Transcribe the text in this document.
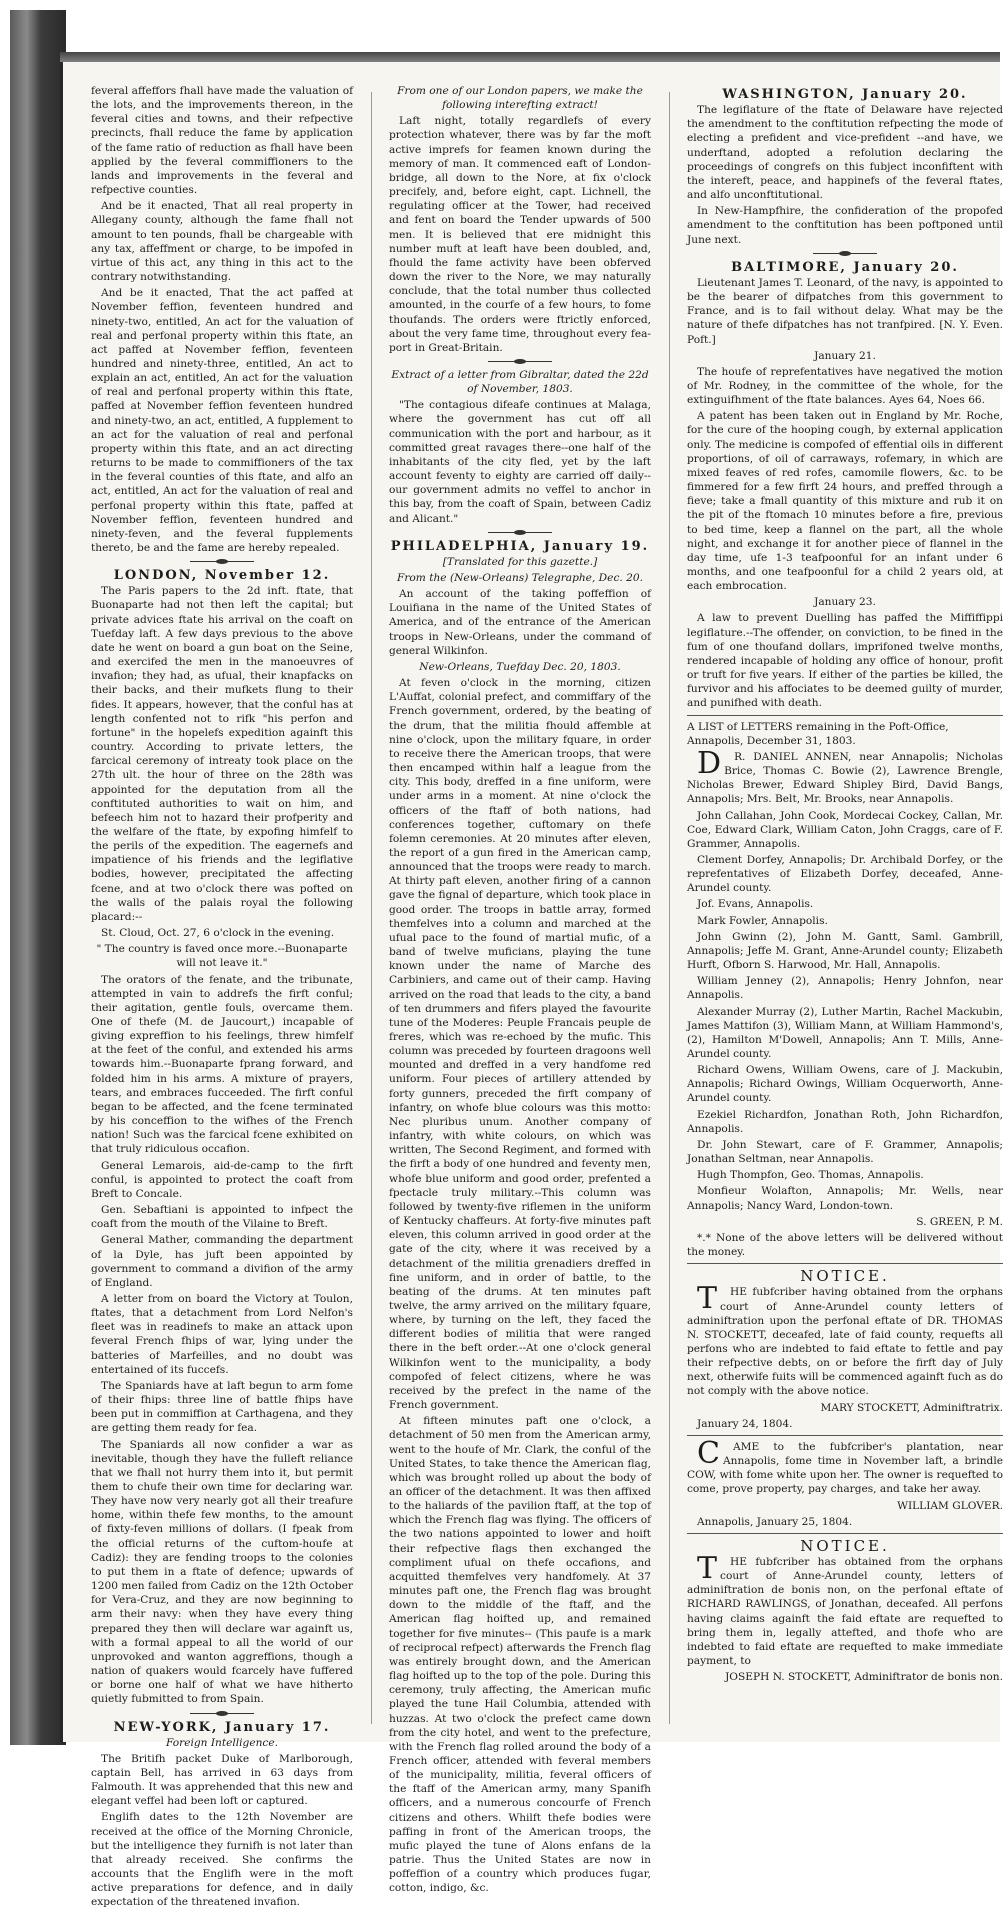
feveral affeffors fhall have made the valuation of the lots, and the improvements thereon, in the feveral cities and towns, and their refpective precincts, fhall reduce the fame by application of the fame ratio of reduction as fhall have been applied by the feveral commiffioners to the lands and improvements in the feveral and refpective counties.

And be it enacted, That all real property in Allegany county, although the fame fhall not amount to ten pounds, fhall be chargeable with any tax, affeffment or charge, to be impofed in virtue of this act, any thing in this act to the contrary notwithstanding.

And be it enacted, That the act paffed at November feffion, feventeen hundred and ninety-two, entitled, An act for the valuation of real and perfonal property within this ftate, an act paffed at November feffion, feventeen hundred and ninety-three, entitled, An act to explain an act, entitled, An act for the valuation of real and perfonal property within this ftate, paffed at November feffion feventeen hundred and ninety-two, an act, entitled, A fupplement to an act for the valuation of real and perfonal property within this ftate, and an act directing returns to be made to commiffioners of the tax in the feveral counties of this ftate, and alfo an act, entitled, An act for the valuation of real and perfonal property within this ftate, paffed at November feffion, feventeen hundred and ninety-feven, and the feveral fupplements thereto, be and the fame are hereby repealed.

LONDON, November 12.

The Paris papers to the 2d inft. ftate, that Buonaparte had not then left the capital; but private advices ftate his arrival on the coaft on Tuefday laft. A few days previous to the above date he went on board a gun boat on the Seine, and exercifed the men in the manoeuvres of invafion; they had, as ufual, their knapfacks on their backs, and their mufkets flung to their fides. It appears, however, that the conful has at length confented not to rifk "his perfon and fortune" in the hopelefs expedition againft this country. According to private letters, the farcical ceremony of intreaty took place on the 27th ult. the hour of three on the 28th was appointed for the deputation from all the conftituted authorities to wait on him, and befeech him not to hazard their profperity and the welfare of the ftate, by expofing himfelf to the perils of the expedition. The eagernefs and impatience of his friends and the legiflative bodies, however, precipitated the affecting fcene, and at two o'clock there was pofted on the walls of the palais royal the following placard:--

St. Cloud, Oct. 27, 6 o'clock in the evening.

" The country is faved once more.--Buonaparte will not leave it."

The orators of the fenate, and the tribunate, attempted in vain to addrefs the firft conful; their agitation, gentle fouls, overcame them. One of thefe (M. de Jaucourt,) incapable of giving expreffion to his feelings, threw himfelf at the feet of the conful, and extended his arms towards him.--Buonaparte fprang forward, and folded him in his arms. A mixture of prayers, tears, and embraces fucceeded. The firft conful began to be affected, and the fcene terminated by his conceffion to the wifhes of the French nation! Such was the farcical fcene exhibited on that truly ridiculous occafion.

General Lemarois, aid-de-camp to the firft conful, is appointed to protect the coaft from Breft to Concale.

Gen. Sebaftiani is appointed to infpect the coaft from the mouth of the Vilaine to Breft.

General Mather, commanding the department of la Dyle, has juft been appointed by government to command a divifion of the army of England.

A letter from on board the Victory at Toulon, ftates, that a detachment from Lord Nelfon's fleet was in readinefs to make an attack upon feveral French fhips of war, lying under the batteries of Marfeilles, and no doubt was entertained of its fuccefs.

The Spaniards have at laft begun to arm fome of their fhips: three line of battle fhips have been put in commiffion at Carthagena, and they are getting them ready for fea.

The Spaniards all now confider a war as inevitable, though they have the fulleft reliance that we fhall not hurry them into it, but permit them to chufe their own time for declaring war. They have now very nearly got all their treafure home, within thefe few months, to the amount of fixty-feven millions of dollars. (I fpeak from the official returns of the cuftom-houfe at Cadiz): they are fending troops to the colonies to put them in a ftate of defence; upwards of 1200 men failed from Cadiz on the 12th October for Vera-Cruz, and they are now beginning to arm their navy: when they have every thing prepared they then will declare war againft us, with a formal appeal to all the world of our unprovoked and wanton aggreffions, though a nation of quakers would fcarcely have fuffered or borne one half of what we have hitherto quietly fubmitted to from Spain.

NEW-YORK, January 17.

Foreign Intelligence.

The Britifh packet Duke of Marlborough, captain Bell, has arrived in 63 days from Falmouth. It was apprehended that this new and elegant veffel had been loft or captured.

Englifh dates to the 12th November are received at the office of the Morning Chronicle, but the intelligence they furnifh is not later than that already received. She confirms the accounts that the Englifh were in the moft active preparations for defence, and in daily expectation of the threatened invafion.

From one of our London papers, we make the following interefting extract!

Laft night, totally regardlefs of every protection whatever, there was by far the moft active imprefs for feamen known during the memory of man. It commenced eaft of London-bridge, all down to the Nore, at fix o'clock precifely, and, before eight, capt. Lichnell, the regulating officer at the Tower, had received and fent on board the Tender upwards of 500 men. It is believed that ere midnight this number muft at leaft have been doubled, and, fhould the fame activity have been obferved down the river to the Nore, we may naturally conclude, that the total number thus collected amounted, in the courfe of a few hours, to fome thoufands. The orders were ftrictly enforced, about the very fame time, throughout every fea-port in Great-Britain.

Extract of a letter from Gibraltar, dated the 22d of November, 1803.

"The contagious difeafe continues at Malaga, where the government has cut off all communication with the port and harbour, as it committed great ravages there--one half of the inhabitants of the city fled, yet by the laft account feventy to eighty are carried off daily--our government admits no veffel to anchor in this bay, from the coaft of Spain, between Cadiz and Alicant."

PHILADELPHIA, January 19.

[Translated for this gazette.]

From the (New-Orleans) Telegraphe, Dec. 20.

An account of the taking poffeffion of Louifiana in the name of the United States of America, and of the entrance of the American troops in New-Orleans, under the command of general Wilkinfon.

New-Orleans, Tuefday Dec. 20, 1803.

At feven o'clock in the morning, citizen L'Auffat, colonial prefect, and commiffary of the French government, ordered, by the beating of the drum, that the militia fhould affemble at nine o'clock, upon the military fquare, in order to receive there the American troops, that were then encamped within half a league from the city. This body, dreffed in a fine uniform, were under arms in a moment. At nine o'clock the officers of the ftaff of both nations, had conferences together, cuftomary on thefe folemn ceremonies. At 20 minutes after eleven, the report of a gun fired in the American camp, announced that the troops were ready to march. At thirty paft eleven, another firing of a cannon gave the fignal of departure, which took place in good order. The troops in battle array, formed themfelves into a column and marched at the ufual pace to the found of martial mufic, of a band of twelve muficians, playing the tune known under the name of Marche des Carbiniers, and came out of their camp. Having arrived on the road that leads to the city, a band of ten drummers and fifers played the favourite tune of the Moderes: Peuple Francais peuple de freres, which was re-echoed by the mufic. This column was preceded by fourteen dragoons well mounted and dreffed in a very handfome red uniform. Four pieces of artillery attended by forty gunners, preceded the firft company of infantry, on whofe blue colours was this motto: Nec pluribus unum. Another company of infantry, with white colours, on which was written, The Second Regiment, and formed with the firft a body of one hundred and feventy men, whofe blue uniform and good order, prefented a fpectacle truly military.--This column was followed by twenty-five riflemen in the uniform of Kentucky chaffeurs. At forty-five minutes paft eleven, this column arrived in good order at the gate of the city, where it was received by a detachment of the militia grenadiers dreffed in fine uniform, and in order of battle, to the beating of the drums. At ten minutes paft twelve, the army arrived on the military fquare, where, by turning on the left, they faced the different bodies of militia that were ranged there in the beft order.--At one o'clock general Wilkinfon went to the municipality, a body compofed of felect citizens, where he was received by the prefect in the name of the French government.

At fifteen minutes paft one o'clock, a detachment of 50 men from the American army, went to the houfe of Mr. Clark, the conful of the United States, to take thence the American flag, which was brought rolled up about the body of an officer of the detachment. It was then affixed to the haliards of the pavilion ftaff, at the top of which the French flag was flying. The officers of the two nations appointed to lower and hoift their refpective flags then exchanged the compliment ufual on thefe occafions, and acquitted themfelves very handfomely. At 37 minutes paft one, the French flag was brought down to the middle of the ftaff, and the American flag hoifted up, and remained together for five minutes-- (This paufe is a mark of reciprocal refpect) afterwards the French flag was entirely brought down, and the American flag hoifted up to the top of the pole. During this ceremony, truly affecting, the American mufic played the tune Hail Columbia, attended with huzzas. At two o'clock the prefect came down from the city hotel, and went to the prefecture, with the French flag rolled around the body of a French officer, attended with feveral members of the municipality, militia, feveral officers of the ftaff of the American army, many Spanifh officers, and a numerous concourfe of French citizens and others. Whilft thefe bodies were paffing in front of the American troops, the mufic played the tune of Alons enfans de la patrie. Thus the United States are now in poffeffion of a country which produces fugar, cotton, indigo, &c.

WASHINGTON, January 20.

The legiflature of the ftate of Delaware have rejected the amendment to the conftitution refpecting the mode of electing a prefident and vice-prefident --and have, we underftand, adopted a refolution declaring the proceedings of congrefs on this fubject inconfiftent with the intereft, peace, and happinefs of the feveral ftates, and alfo unconftitutional.

In New-Hampfhire, the confideration of the propofed amendment to the conftitution has been poftponed until June next.

BALTIMORE, January 20.

Lieutenant James T. Leonard, of the navy, is appointed to be the bearer of difpatches from this government to France, and is to fail without delay. What may be the nature of thefe difpatches has not tranfpired. [N. Y. Even. Poft.]

January 21.

The houfe of reprefentatives have negatived the motion of Mr. Rodney, in the committee of the whole, for the extinguifhment of the ftate balances. Ayes 64, Noes 66.

A patent has been taken out in England by Mr. Roche, for the cure of the hooping cough, by external application only. The medicine is compofed of effential oils in different proportions, of oil of carraways, rofemary, in which are mixed feaves of red rofes, camomile flowers, &c. to be fimmered for a few firft 24 hours, and preffed through a fieve; take a fmall quantity of this mixture and rub it on the pit of the ftomach 10 minutes before a fire, previous to bed time, keep a flannel on the part, all the whole night, and exchange it for another piece of flannel in the day time, ufe 1-3 teafpoonful for an infant under 6 months, and one teafpoonful for a child 2 years old, at each embrocation.

January 23.

A law to prevent Duelling has paffed the Miffiffippi legiflature.--The offender, on conviction, to be fined in the fum of one thoufand dollars, imprifoned twelve months, rendered incapable of holding any office of honour, profit or truft for five years. If either of the parties be killed, the furvivor and his affociates to be deemed guilty of murder, and punifhed with death.

A LIST of LETTERS remaining in the Poft-Office, Annapolis, December 31, 1803.

DR. DANIEL ANNEN, near Annapolis; Nicholas Brice, Thomas C. Bowie (2), Lawrence Brengle, Nicholas Brewer, Edward Shipley Bird, David Bangs, Annapolis; Mrs. Belt, Mr. Brooks, near Annapolis.

John Callahan, John Cook, Mordecai Cockey, Callan, Mr. Coe, Edward Clark, William Caton, John Craggs, care of F. Grammer, Annapolis.

Clement Dorfey, Annapolis; Dr. Archibald Dorfey, or the reprefentatives of Elizabeth Dorfey, deceafed, Anne-Arundel county.

Jof. Evans, Annapolis.

Mark Fowler, Annapolis.

John Gwinn (2), John M. Gantt, Saml. Gambrill, Annapolis; Jeffe M. Grant, Anne-Arundel county; Elizabeth Hurft, Ofborn S. Harwood, Mr. Hall, Annapolis.

William Jenney (2), Annapolis; Henry Johnfon, near Annapolis.

Alexander Murray (2), Luther Martin, Rachel Mackubin, James Mattifon (3), William Mann, at William Hammond's, (2), Hamilton M'Dowell, Annapolis; Ann T. Mills, Anne-Arundel county.

Richard Owens, William Owens, care of J. Mackubin, Annapolis; Richard Owings, William Ocquerworth, Anne-Arundel county.

Ezekiel Richardfon, Jonathan Roth, John Richardfon, Annapolis.

Dr. John Stewart, care of F. Grammer, Annapolis; Jonathan Seltman, near Annapolis.

Hugh Thompfon, Geo. Thomas, Annapolis.

Monfieur Wolafton, Annapolis; Mr. Wells, near Annapolis; Nancy Ward, London-town.

S. GREEN, P. M.

*.* None of the above letters will be delivered without the money.

NOTICE.

THE fubfcriber having obtained from the orphans court of Anne-Arundel county letters of adminiftration upon the perfonal eftate of DR. THOMAS N. STOCKETT, deceafed, late of faid county, requefts all perfons who are indebted to faid eftate to fettle and pay their refpective debts, on or before the firft day of July next, otherwife fuits will be commenced againft fuch as do not comply with the above notice.

MARY STOCKETT, Adminiftratrix.

January 24, 1804.

CAME to the fubfcriber's plantation, near Annapolis, fome time in November laft, a brindle COW, with fome white upon her. The owner is requefted to come, prove property, pay charges, and take her away.

WILLIAM GLOVER.

Annapolis, January 25, 1804.

NOTICE.

THE fubfcriber has obtained from the orphans court of Anne-Arundel county, letters of adminiftration de bonis non, on the perfonal eftate of RICHARD RAWLINGS, of Jonathan, deceafed. All perfons having claims againft the faid eftate are requefted to bring them in, legally attefted, and thofe who are indebted to faid eftate are requefted to make immediate payment, to

JOSEPH N. STOCKETT, Adminiftrator de bonis non.
